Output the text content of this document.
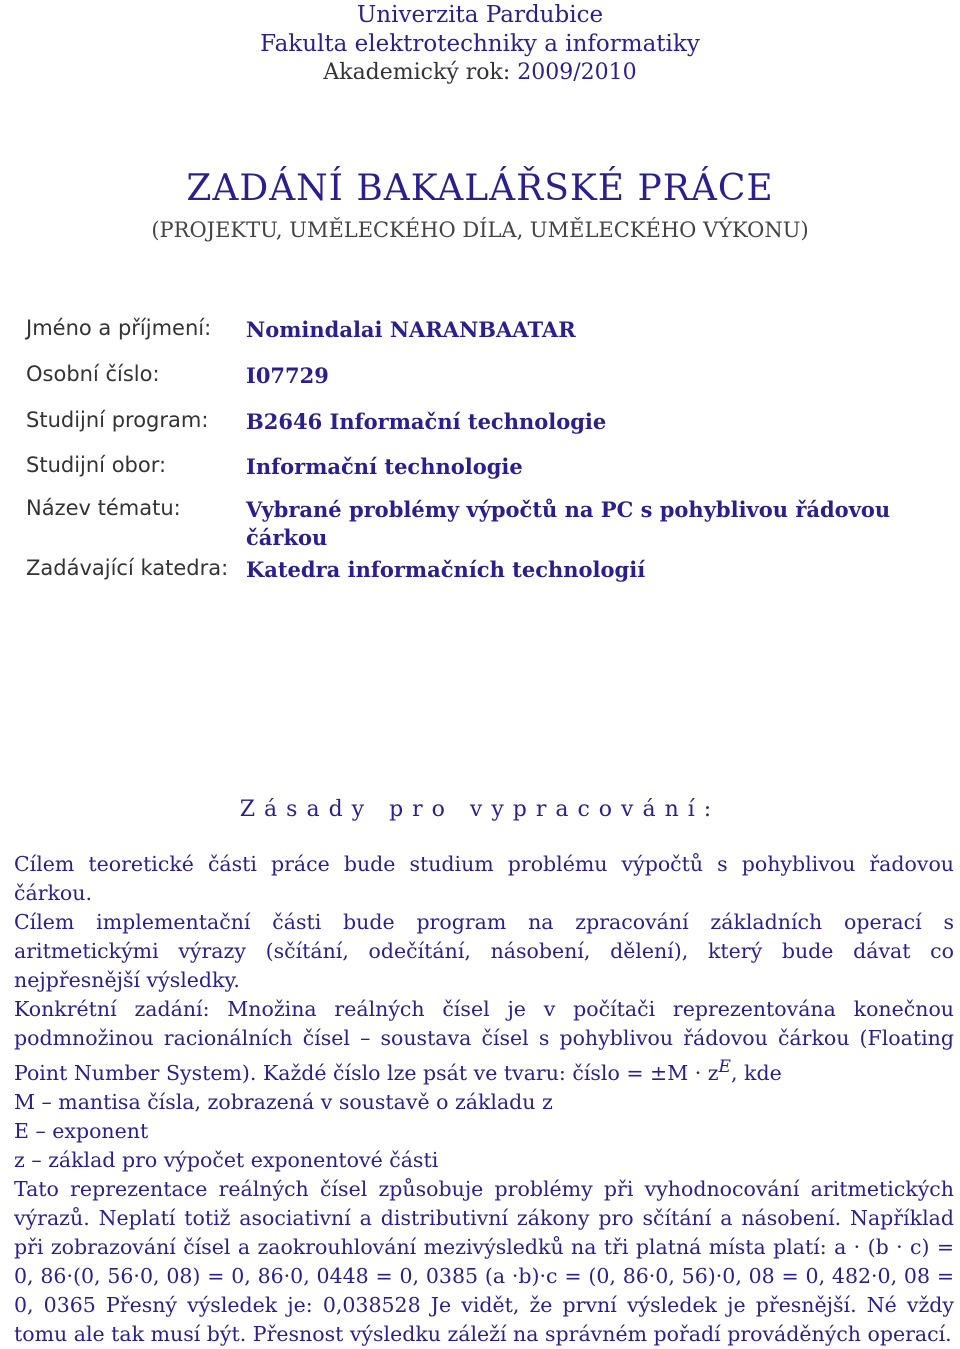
Univerzita Pardubice
Fakulta elektrotechniky a informatiky
Akademický rok: 2009/2010
ZADÁNÍ BAKALÁŘSKÉ PRÁCE
(PROJEKTU, UMĚLECKÉHO DÍLA, UMĚLECKÉHO VÝKONU)
Jméno a příjmení: Nomindalai NARANBAATAR
Osobní číslo:	I07729
Studijní program: B2646 Informační technologie
Studijní obor:	Informační technologie
Název tématu:	Vybrané problémy výpočtů na PC s pohyblivou řádovou čárkou
Zadávající katedra: Katedra informačních technologií
Zásady pro vypracování:

Cílem teoretické části práce bude studium problému výpočtů s pohyblivou řadovou čárkou.

Cílem implementační části bude program na zpracování základních operací s aritmetickými výrazy (sčítání, odečítání, násobení, dělení), který bude dávat co nejpřesnější výsledky.

Konkrétní zadání: Množina reálných čísel je v počítači reprezentována konečnou podmnožinou racionálních čísel – soustava čísel s pohyblivou řádovou čárkou (Floating Point Number System). Každé číslo lze psát ve tvaru: číslo = $\pm M \cdot z^E$, kde

M – mantisa čísla, zobrazená v soustavě o základu z

E – exponent

z – základ pro výpočet exponentové části

Tato reprezentace reálných čísel způsobuje problémy při vyhodnocování aritmetických výrazů. Neplatí totiž asociativní a distributivní zákony pro sčítání a násobení. Například při zobrazování čísel a zaokrouhlování mezivýsledků na tři platná místa platí: a · (b · c) = 0, 86·(0, 56·0, 08) = 0, 86·0, 0448 = 0, 0385 (a ·b)·c = (0, 86·0, 56)·0, 08 = 0, 482·0, 08 = 0, 0365 Přesný výsledek je: 0,038528 Je vidět, že první výsledek je přesnější. Né vždy tomu ale tak musí být. Přesnost výsledku záleží na správném pořadí prováděných operací.
